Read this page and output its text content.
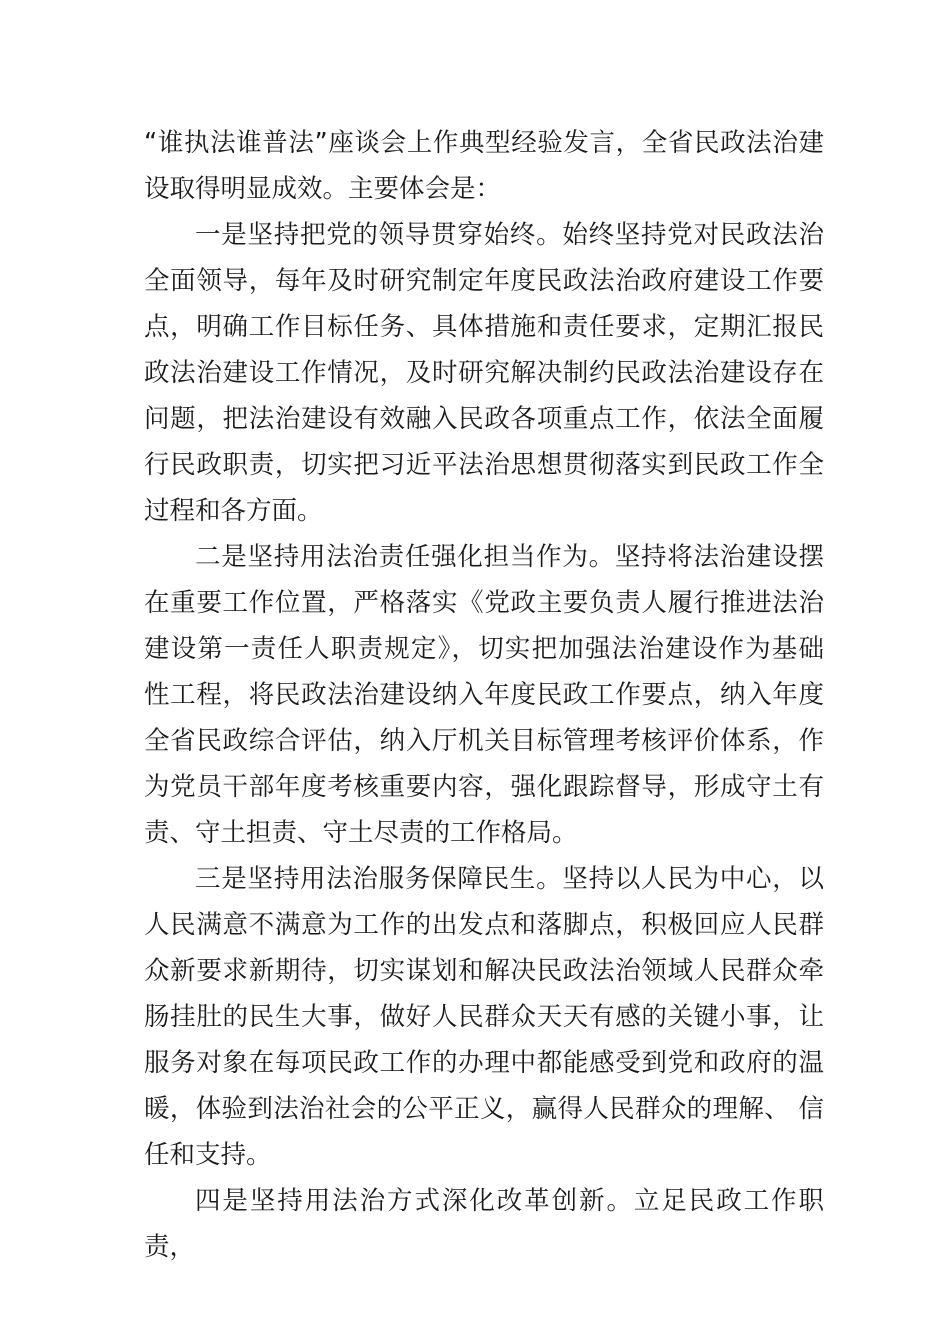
“谁执法谁普法”座谈会上作典型经验发言，全省民政法治建设取得明显成效。主要体会是：

一是坚持把党的领导贯穿始终。始终坚持党对民政法治全面领导，每年及时研究制定年度民政法治政府建设工作要点，明确工作目标任务、具体措施和责任要求，定期汇报民政法治建设工作情况，及时研究解决制约民政法治建设存在问题，把法治建设有效融入民政各项重点工作，依法全面履行民政职责，切实把习近平法治思想贯彻落实到民政工作全过程和各方面。

二是坚持用法治责任强化担当作为。坚持将法治建设摆在重要工作位置，严格落实《党政主要负责人履行推进法治建设第一责任人职责规定》，切实把加强法治建设作为基础 性工程，将民政法治建设纳入年度民政工作要点，纳入年度全省民政综合评估，纳入厅机关目标管理考核评价体系，作为党员干部年度考核重要内容，强化跟踪督导，形成守土有责、守土担责、守土尽责的工作格局。

三是坚持用法治服务保障民生。坚持以人民为中心，以人民满意不满意为工作的出发点和落脚点，积极回应人民群众新要求新期待，切实谋划和解决民政法治领域人民群众牵肠挂肚的民生大事，做好人民群众天天有感的关键小事，让服务对象在每项民政工作的办理中都能感受到党和政府的温暖，体验到法治社会的公平正义，赢得人民群众的理解、 信任和支持。

四是坚持用法治方式深化改革创新。立足民政工作职责，
